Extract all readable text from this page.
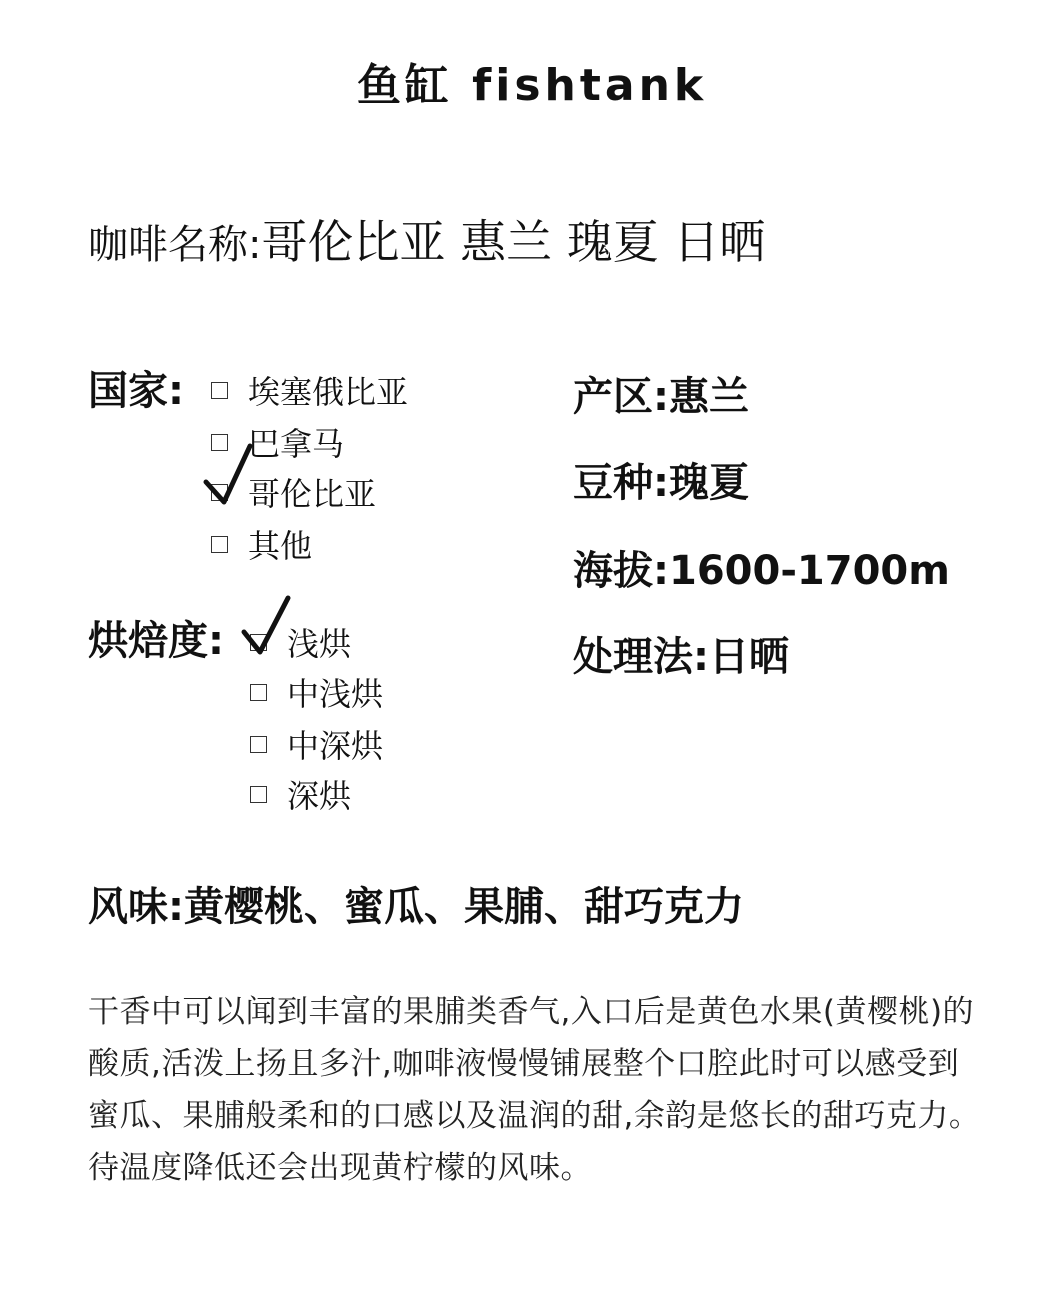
鱼缸 fishtank
咖啡名称:哥伦比亚 惠兰 瑰夏 日晒
国家: 埃塞俄比亚
巴拿马
哥伦比亚
其他
烘焙度: 浅烘
中浅烘
中深烘
深烘
产区:惠兰
豆种:瑰夏
海拔:1600-1700m
处理法:日晒
风味:黄樱桃、蜜瓜、果脯、甜巧克力
干香中可以闻到丰富的果脯类香气,入口后是黄色水果(黄樱桃)的酸质,活泼上扬且多汁,咖啡液慢慢铺展整个口腔此时可以感受到蜜瓜、果脯般柔和的口感以及温润的甜,余韵是悠长的甜巧克力。待温度降低还会出现黄柠檬的风味。
